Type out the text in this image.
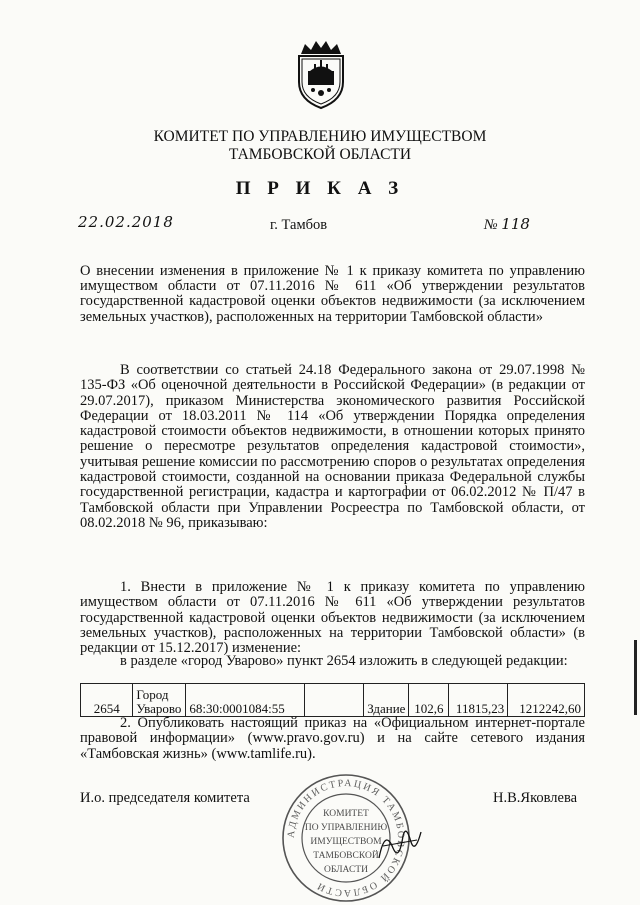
КОМИТЕТ ПО УПРАВЛЕНИЮ ИМУЩЕСТВОМ
ТАМБОВСКОЙ ОБЛАСТИ
П Р И К А З
22.02.2018	г. Тамбов	№ 118
О внесении изменения в приложение № 1 к приказу комитета по управлению имуществом области от 07.11.2016 № 611 «Об утверждении результатов государственной кадастровой оценки объектов недвижимости (за исключением земельных участков), расположенных на территории Тамбовской области»
В соответствии со статьей 24.18 Федерального закона от 29.07.1998 № 135-ФЗ «Об оценочной деятельности в Российской Федерации» (в редакции от 29.07.2017), приказом Министерства экономического развития Российской Федерации от 18.03.2011 № 114 «Об утверждении Порядка определения кадастровой стоимости объектов недвижимости, в отношении которых принято решение о пересмотре результатов определения кадастровой стоимости», учитывая решение комиссии по рассмотрению споров о результатах определения кадастровой стоимости, созданной на основании приказа Федеральной службы государственной регистрации, кадастра и картографии от 06.02.2012 № П/47 в Тамбовской области при Управлении Росреестра по Тамбовской области, от 08.02.2018 № 96, приказываю:
1. Внести в приложение № 1 к приказу комитета по управлению имуществом области от 07.11.2016 № 611 «Об утверждении результатов государственной кадастровой оценки объектов недвижимости (за исключением земельных участков), расположенных на территории Тамбовской области» (в редакции от 15.12.2017) изменение:
в разделе «город Уварово» пункт 2654 изложить в следующей редакции:
2654	Город Уварово	68:30:0001084:55		Здание	102,6	11815,23	1212242,60
2. Опубликовать настоящий приказ на «Официальном интернет-портале правовой информации» (www.pravo.gov.ru) и на сайте сетевого издания «Тамбовская жизнь» (www.tamlife.ru).
И.о. председателя комитета	Н.В.Яковлева
АДМИНИСТРАЦИЯ ТАМБОВСКОЙ ОБЛАСТИ
КОМИТЕТ
ПО УПРАВЛЕНИЮ
ИМУЩЕСТВОМ
ТАМБОВСКОЙ
ОБЛАСТИ
